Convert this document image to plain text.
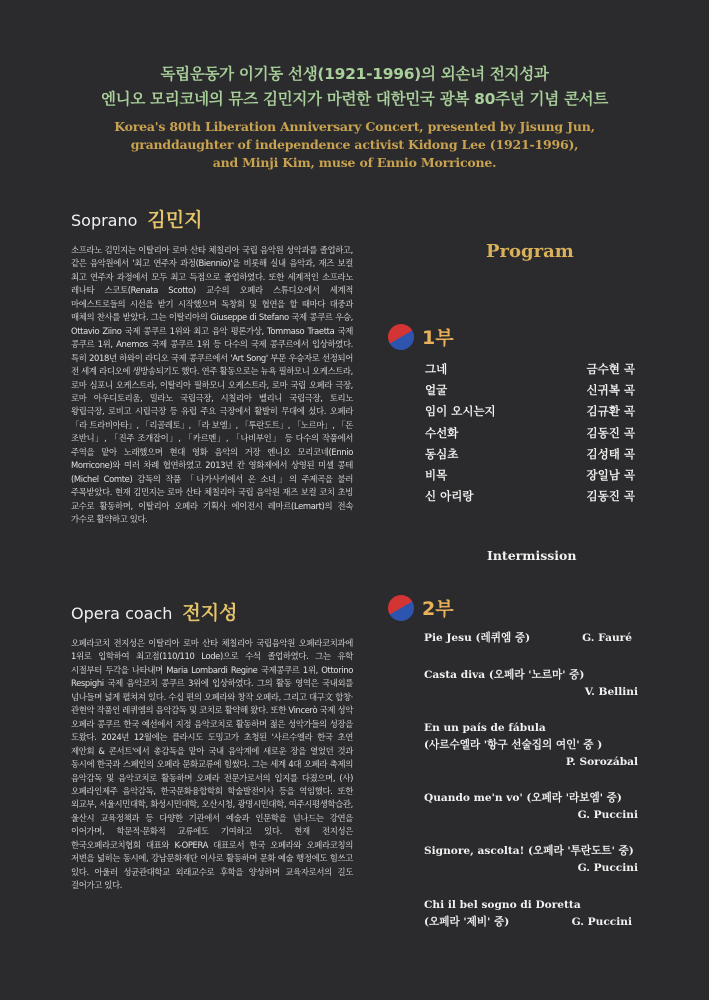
독립운동가 이기동 선생(1921-1996)의 외손녀 전지성과
엔니오 모리코네의 뮤즈 김민지가 마련한 대한민국 광복 80주년 기념 콘서트
Korea's 80th Liberation Anniversary Concert, presented by Jisung Jun,
granddaughter of independence activist Kidong Lee (1921-1996),
and Minji Kim, muse of Ennio Morricone.
Soprano 김민지
소프라노 김민지는 이탈리아 로마 산타 체칠리아 국립 음악원 성악과를 졸업하고, 같은 음악원에서 '최고 연주자 과정(Biennio)'을 비롯해 실내 음악과, 재즈 보컬 최고 연주자 과정에서 모두 최고 득점으로 졸업하였다. 또한 세계적인 소프라노 레나타 스코토(Renata Scotto) 교수의 오페라 스튜디오에서 세계적 마에스트로들의 시선을 받기 시작했으며 독창회 및 협연을 할 때마다 대중과 매체의 찬사를 받았다. 그는 이탈리아의 Giuseppe di Stefano 국제 콩쿠르 우승, Ottavio Ziino 국제 콩쿠르 1위와 최고 음악 평론가상, Tommaso Traetta 국제 콩쿠르 1위, Anemos 국제 콩쿠르 1위 등 다수의 국제 콩쿠르에서 입상하였다. 특히 2018년 하와이 라디오 국제 콩쿠르에서 'Art Song' 부문 우승자로 선정되어 전 세계 라디오에 생방송되기도 했다. 연주 활동으로는 뉴욕 필하모니 오케스트라, 로마 심포니 오케스트라, 이탈리아 필하모니 오케스트라, 로마 국립 오페라 극장, 로마 아우디토리움, 밀라노 국립극장, 시칠리아 벨리니 국립극장, 토리노 왕립극장, 로비고 시립극장 등 유럽 주요 극장에서 활발히 무대에 섰다. 오페라 「라 트라비아타」, 「리골레토」, 「라 보엠」, 「투란도트」, 「노르마」, 「돈 조반니」, 「진주 조개잡이」, 「카르멘」, 「나비부인」 등 다수의 작품에서 주역을 맡아 노래했으며 현대 영화 음악의 거장 엔니오 모리코네(Ennio Morricone)와 여러 차례 협연하였고 2013년 칸 영화제에서 상영된 미셸 콩테(Michel Comte) 감독의 작품 「나가사키에서 온 소녀」의 주제곡을 불러 주목받았다. 현재 김민지는 로마 산타 체칠리아 국립 음악원 재즈 보컬 코치 초빙 교수로 활동하며, 이탈리아 오페라 기획사 에이전시 레마르(Lemart)의 전속 가수로 활약하고 있다.
Opera coach 전지성
오페라코치 전지성은 이탈리아 로마 산타 체칠리아 국립음악원 오페라코치과에 1위로 입학하여 최고점(110/110 Lode)으로 수석 졸업하였다. 그는 유학 시절부터 두각을 나타내며 Maria Lombardi Regine 국제콩쿠르 1위, Ottorino Respighi 국제 음악코치 콩쿠르 3위에 입상하였다. 그의 활동 영역은 국내외를 넘나들며 넓게 펼쳐져 있다. 수십 편의 오페라와 창작 오페라, 그리고 대구文 합창·관현악 작품인 레퀴엠의 음악감독 및 코치로 활약해 왔다. 또한 Vincerò 국제 성악 오페라 콩쿠르 한국 예선에서 지정 음악코치로 활동하며 젊은 성악가들의 성장을 도왔다. 2024년 12월에는 플라시도 도밍고가 초청된 '사르수엘라 한국 초연 제안회 & 콘서트'에서 총감독을 맡아 국내 음악계에 새로운 장을 열었던 것과 동시에 한국과 스페인의 오페라 문화교류에 힘썼다. 그는 세계 4대 오페라 축제의 음악감독 및 음악코치로 활동하며 오페라 전문가로서의 입지를 다졌으며, (사)오페라인제주 음악감독, 한국문화융합학회 학술발전이사 등을 역임했다. 또한 외교부, 서울시민대학, 화성시민대학, 오산시청, 광명시민대학, 여주시평생학습관, 울산시 교육정책과 등 다양한 기관에서 예술과 인문학을 넘나드는 강연을 이어가며, 학문적·문화적 교류에도 기여하고 있다. 현재 전지성은 한국오페라코치협회 대표와 K-OPERA 대표로서 한국 오페라와 오페라코칭의 저변을 넓히는 동시에, 강남문화재단 이사로 활동하며 문화 예술 행정에도 힘쓰고 있다. 아울러 성균관대학교 외래교수로 후학을 양성하며 교육자로서의 길도 걸어가고 있다.
Program
1부
그네	금수현 곡
얼굴	신귀복 곡
임이 오시는지	김규환 곡
수선화	김동진 곡
동심초	김성태 곡
비목	장일남 곡
신 아리랑	김동진 곡
Intermission
2부
Pie Jesu (레퀴엠 중)	G. Fauré
Casta diva (오페라 '노르마' 중)
V. Bellini
En un país de fábula
(사르수엘라 '항구 선술집의 여인' 중 )
P. Sorozábal
Quando me'n vo' (오페라 '라보엠' 중)
G. Puccini
Signore, ascolta! (오페라 '투란도트' 중)
G. Puccini
Chi il bel sogno di Doretta
(오페라 '제비' 중)	G. Puccini
